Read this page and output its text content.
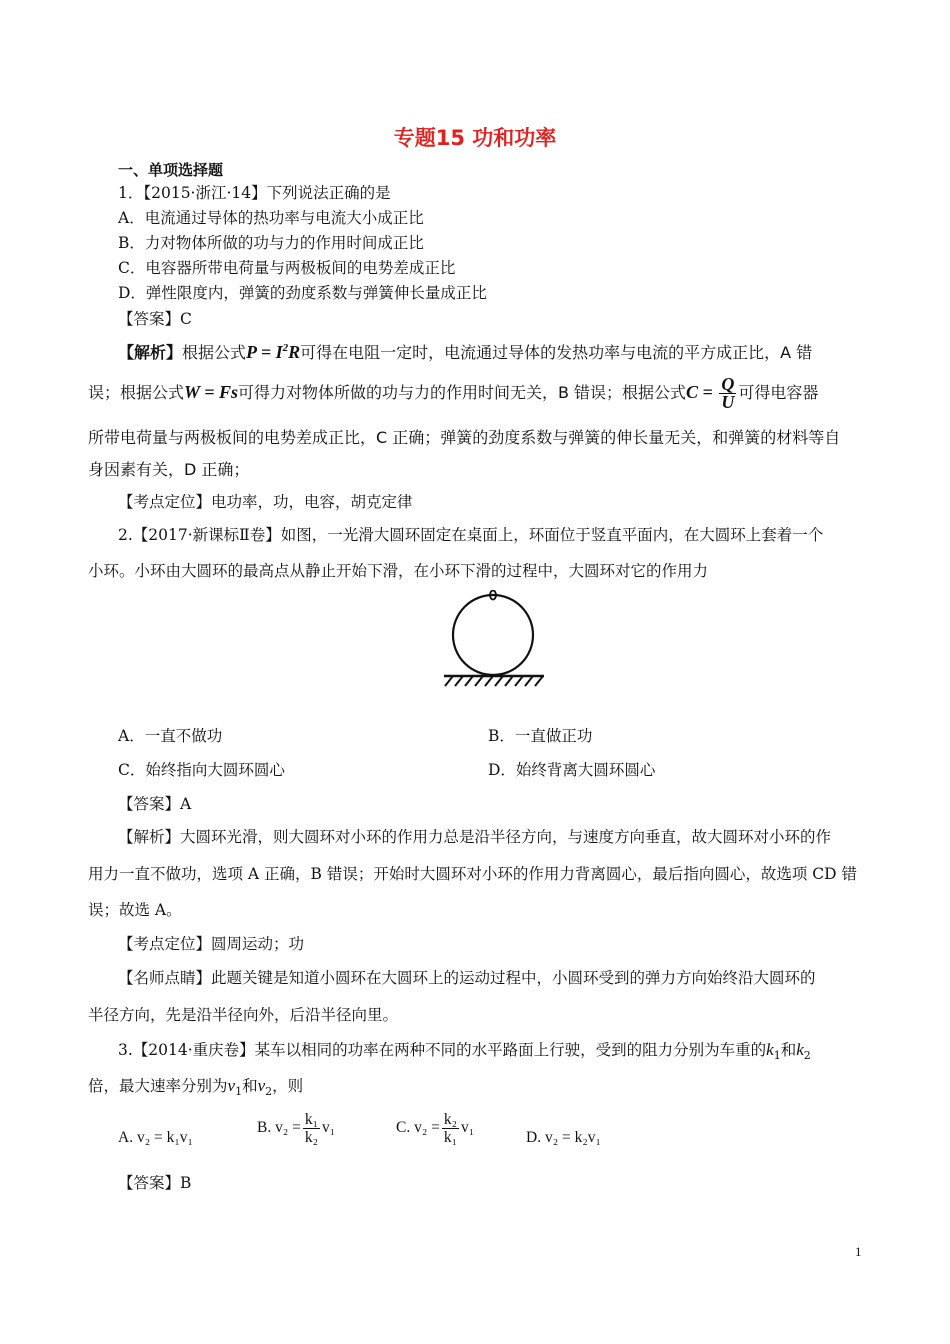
专题15 功和功率
一、单项选择题
1．【2015·浙江·14】下列说法正确的是
A．电流通过导体的热功率与电流大小成正比
B．力对物体所做的功与力的作用时间成正比
C．电容器所带电荷量与两极板间的电势差成正比
D．弹性限度内，弹簧的劲度系数与弹簧伸长量成正比
【答案】C
【解析】根据公式$P = I^2R$可得在电阻一定时，电流通过导体的发热功率与电流的平方成正比，A 错
误；根据公式W = Fs可得力对物体所做的功与力的作用时间无关，B 错误；根据公式$C = \frac{Q}{U}$ 可得电容器
所带电荷量与两极板间的电势差成正比，C 正确；弹簧的劲度系数与弹簧的伸长量无关，和弹簧的材料等自
身因素有关，D 正确；
【考点定位】电功率，功，电容，胡克定律
2.【2017·新课标Ⅱ卷】如图，一光滑大圆环固定在桌面上，环面位于竖直平面内，在大圆环上套着一个
小环。小环由大圆环的最高点从静止开始下滑，在小环下滑的过程中，大圆环对它的作用力
A．一直不做功	B．一直做正功
C．始终指向大圆环圆心	D．始终背离大圆环圆心
【答案】A
【解析】大圆环光滑，则大圆环对小环的作用力总是沿半径方向，与速度方向垂直，故大圆环对小环的作
用力一直不做功，选项 A 正确，B 错误；开始时大圆环对小环的作用力背离圆心，最后指向圆心，故选项 CD 错
误；故选 A。
【考点定位】圆周运动；功
【名师点睛】此题关键是知道小圆环在大圆环上的运动过程中，小圆环受到的弹力方向始终沿大圆环的
半径方向，先是沿半径向外，后沿半径向里。
3.【2014·重庆卷】某车以相同的功率在两种不同的水平路面上行驶，受到的阻力分别为车重的$k_1$和$k_2$
倍，最大速率分别为$v_1$和$v_2$，则
A. v₂ = k₁v₁
B. $v_2 = \frac{\text{k₁}}{\text{k₂}} v_1$	C. $v_2 = \frac{\text{k₂}}{\text{k₁}} v_1$
D. v₂ = k₂v₁
【答案】B
1
